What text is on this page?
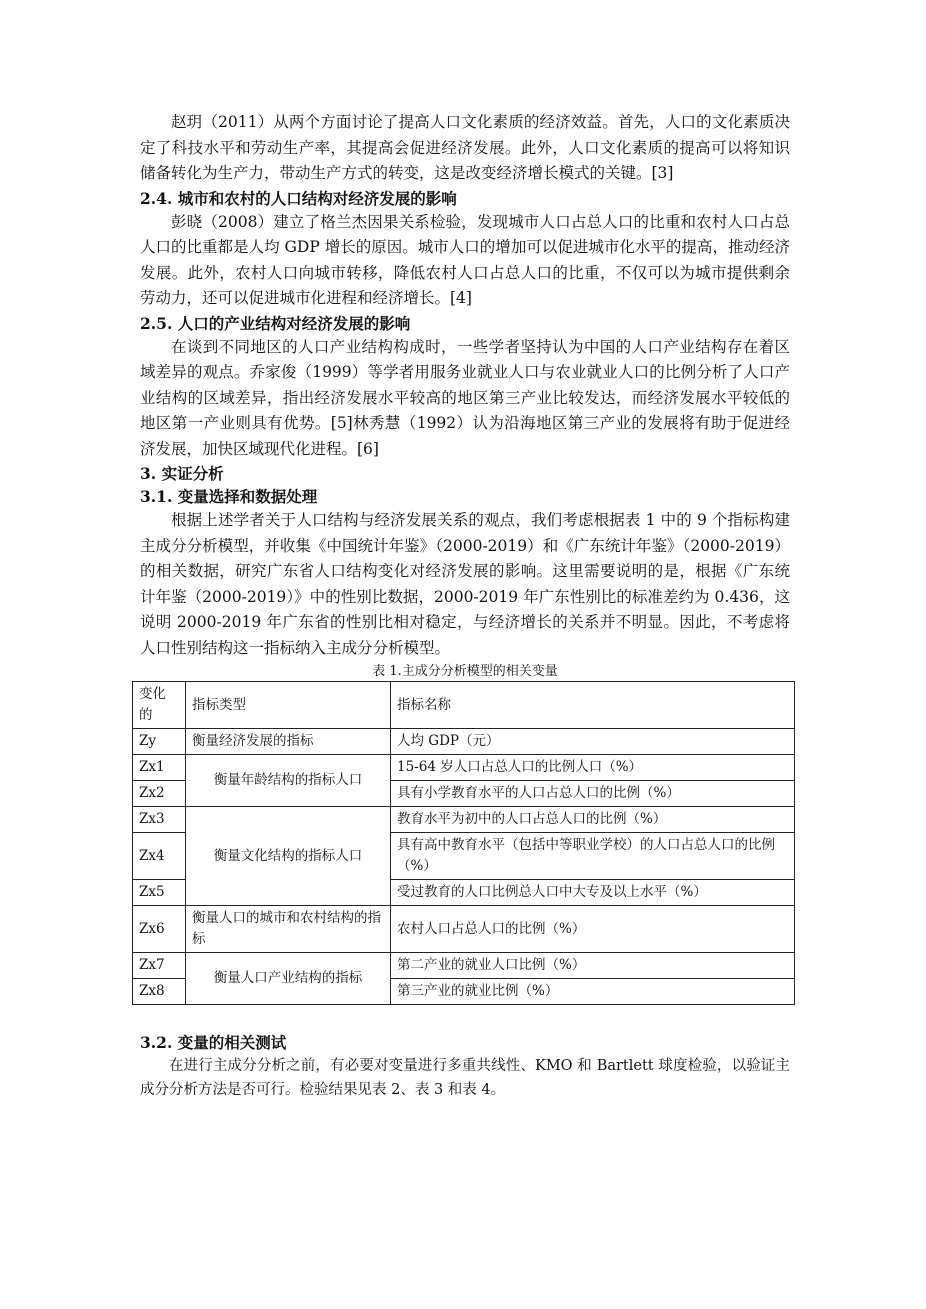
赵玥（2011）从两个方面讨论了提高人口文化素质的经济效益。首先，人口的文化素质决定了科技水平和劳动生产率，其提高会促进经济发展。此外，人口文化素质的提高可以将知识储备转化为生产力，带动生产方式的转变，这是改变经济增长模式的关键。[3]

2.4. 城市和农村的人口结构对经济发展的影响

彭晓（2008）建立了格兰杰因果关系检验，发现城市人口占总人口的比重和农村人口占总人口的比重都是人均 GDP 增长的原因。城市人口的增加可以促进城市化水平的提高，推动经济发展。此外，农村人口向城市转移，降低农村人口占总人口的比重，不仅可以为城市提供剩余劳动力，还可以促进城市化进程和经济增长。[4]

2.5. 人口的产业结构对经济发展的影响

在谈到不同地区的人口产业结构构成时，一些学者坚持认为中国的人口产业结构存在着区域差异的观点。乔家俊（1999）等学者用服务业就业人口与农业就业人口的比例分析了人口产业结构的区域差异，指出经济发展水平较高的地区第三产业比较发达，而经济发展水平较低的地区第一产业则具有优势。[5]林秀慧（1992）认为沿海地区第三产业的发展将有助于促进经济发展，加快区域现代化进程。[6]

3. 实证分析
3.1. 变量选择和数据处理

根据上述学者关于人口结构与经济发展关系的观点，我们考虑根据表 1 中的 9 个指标构建主成分分析模型，并收集《中国统计年鉴》（2000-2019）和《广东统计年鉴》（2000-2019）的相关数据，研究广东省人口结构变化对经济发展的影响。这里需要说明的是，根据《广东统计年鉴（2000-2019）》中的性别比数据，2000-2019 年广东性别比的标准差约为 0.436，这说明 2000-2019 年广东省的性别比相对稳定，与经济增长的关系并不明显。因此，不考虑将人口性别结构这一指标纳入主成分分析模型。

表 1.主成分分析模型的相关变量
变化的	指标类型	指标名称
Zy	衡量经济发展的指标	人均 GDP（元）
Zx1	衡量年龄结构的指标人口	15-64 岁人口占总人口的比例人口（%）
Zx2		具有小学教育水平的人口占总人口的比例（%）
Zx3	衡量文化结构的指标人口	教育水平为初中的人口占总人口的比例（%）
Zx4		具有高中教育水平（包括中等职业学校）的人口占总人口的比例（%）
Zx5		受过教育的人口比例总人口中大专及以上水平（%）
Zx6	衡量人口的城市和农村结构的指标	农村人口占总人口的比例（%）
Zx7	衡量人口产业结构的指标	第二产业的就业人口比例（%）
Zx8		第三产业的就业比例（%）
3.2. 变量的相关测试

在进行主成分分析之前，有必要对变量进行多重共线性、KMO 和 Bartlett 球度检验，以验证主成分分析方法是否可行。检验结果见表 2、表 3 和表 4。
